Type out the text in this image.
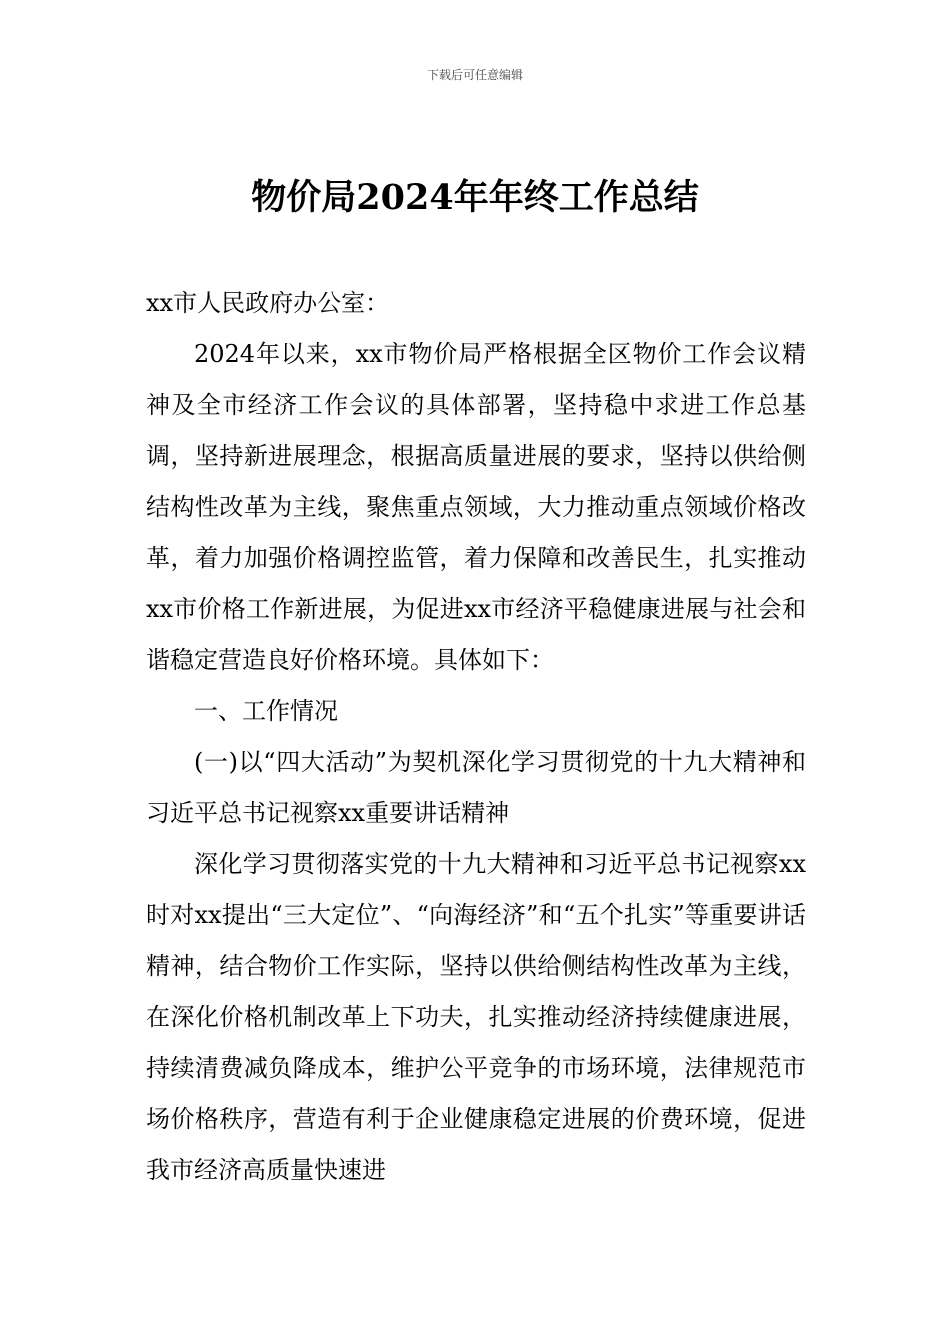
下载后可任意编辑
物价局2024年年终工作总结

xx市人民政府办公室：

2024年以来，xx市物价局严格根据全区物价工作会议精神及全市经济工作会议的具体部署，坚持稳中求进工作总基调，坚持新进展理念，根据高质量进展的要求，坚持以供给侧结构性改革为主线，聚焦重点领域，大力推动重点领域价格改革，着力加强价格调控监管，着力保障和改善民生，扎实推动xx市价格工作新进展，为促进xx市经济平稳健康进展与社会和谐稳定营造良好价格环境。具体如下：

一、工作情况

(一)以“四大活动”为契机深化学习贯彻党的十九大精神和习近平总书记视察xx重要讲话精神

深化学习贯彻落实党的十九大精神和习近平总书记视察xx时对xx提出“三大定位”、“向海经济”和“五个扎实”等重要讲话精神，结合物价工作实际，坚持以供给侧结构性改革为主线，在深化价格机制改革上下功夫，扎实推动经济持续健康进展，持续清费减负降成本，维护公平竞争的市场环境，法律规范市场价格秩序，营造有利于企业健康稳定进展的价费环境，促进我市经济高质量快速进
